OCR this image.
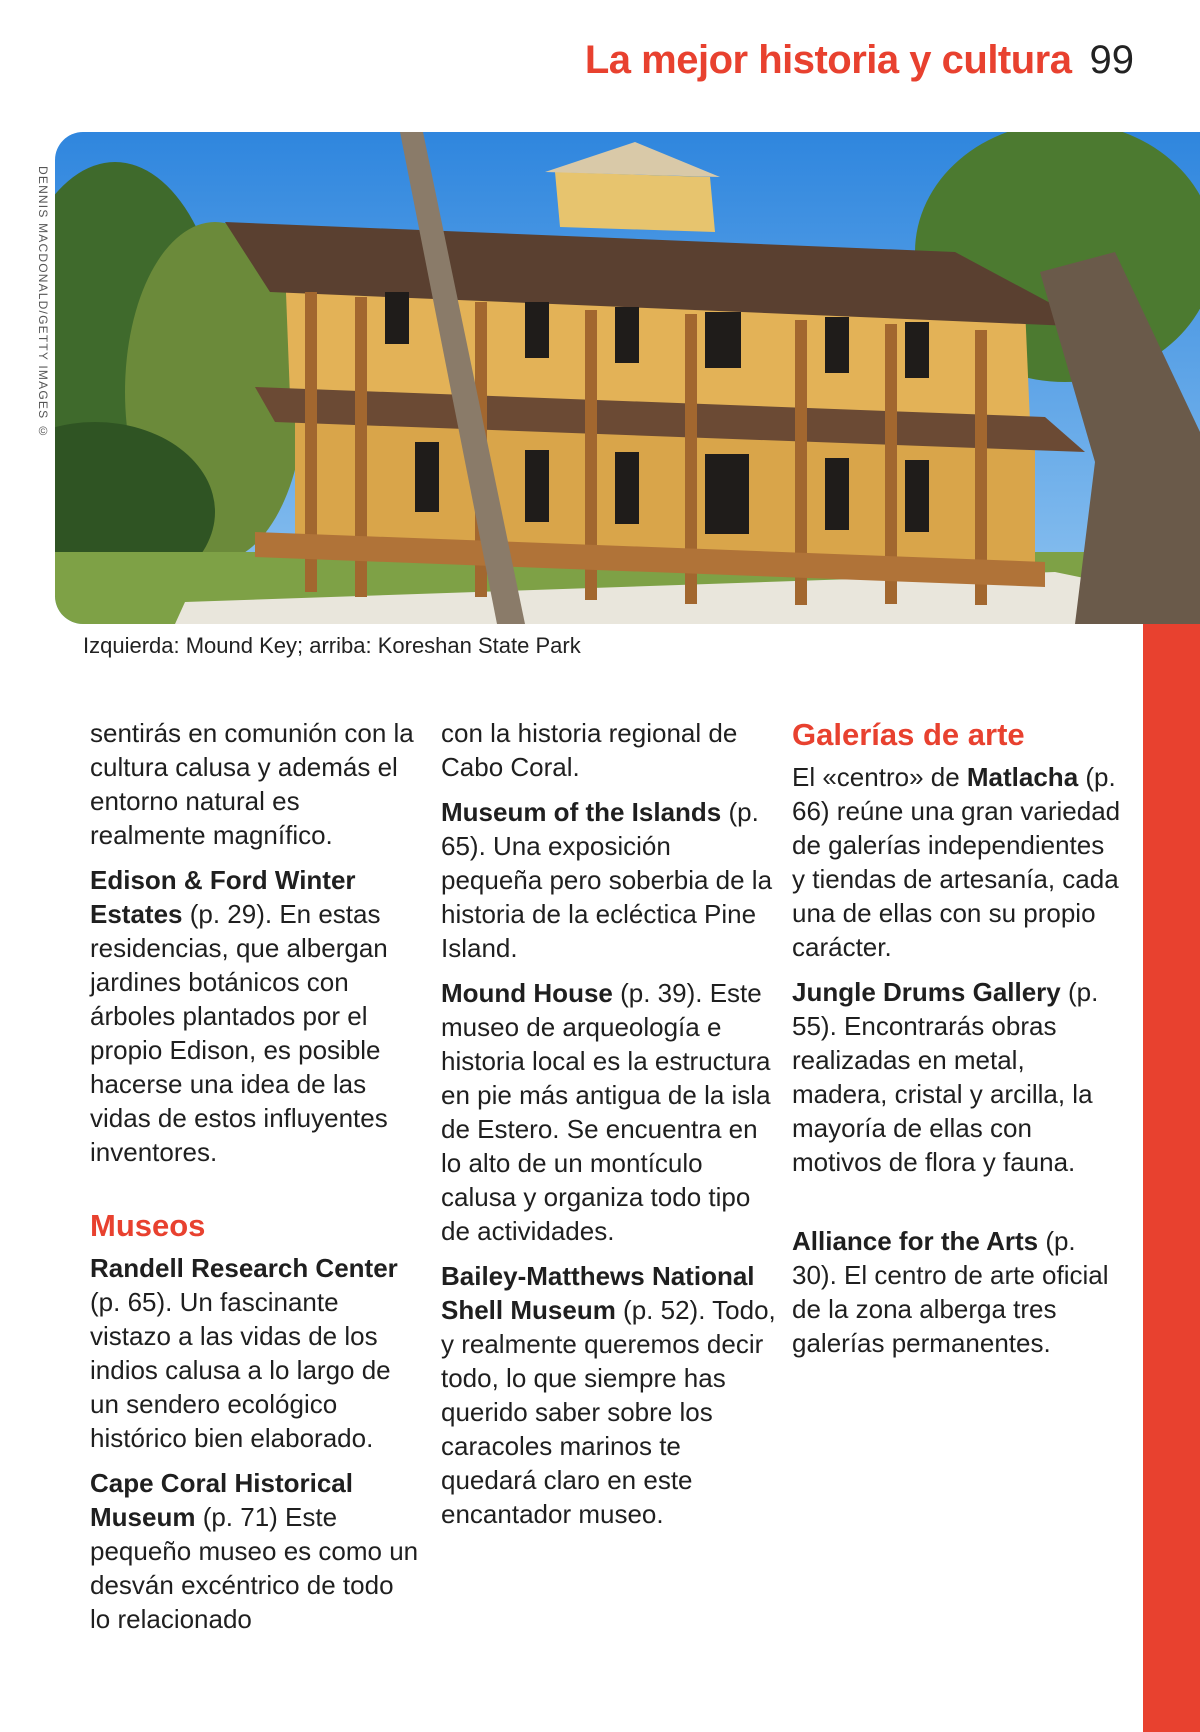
La mejor historia y cultura 99
DENNIS MACDONALD/GETTY IMAGES ©
Izquierda: Mound Key; arriba: Koreshan State Park

sentirás en comunión con la cultura calusa y además el entorno natural es realmente magnífico.

Edison & Ford Winter Estates (p. 29). En estas residencias, que albergan jardines botánicos con árboles plantados por el propio Edison, es posible hacerse una idea de las vidas de estos influyentes inventores.

Museos

Randell Research Center (p. 65). Un fascinante vistazo a las vidas de los indios calusa a lo largo de un sendero ecológico histórico bien elaborado.

Cape Coral Historical Museum (p. 71) Este pequeño museo es como un desván excéntrico de todo lo relacionado

con la historia regional de Cabo Coral.

Museum of the Islands (p. 65). Una exposición pequeña pero soberbia de la historia de la ecléctica Pine Island.

Mound House (p. 39). Este museo de arqueología e historia local es la estructura en pie más antigua de la isla de Estero. Se encuentra en lo alto de un montículo calusa y organiza todo tipo de actividades.

Bailey-Matthews National Shell Museum (p. 52). Todo, y realmente queremos decir todo, lo que siempre has querido saber sobre los caracoles marinos te quedará claro en este encantador museo.

Galerías de arte

El «centro» de Matlacha (p. 66) reúne una gran variedad de galerías independientes y tiendas de artesanía, cada una de ellas con su propio carácter.

Jungle Drums Gallery (p. 55). Encontrarás obras realizadas en metal, madera, cristal y arcilla, la mayoría de ellas con motivos de flora y fauna.

Alliance for the Arts (p. 30). El centro de arte oficial de la zona alberga tres galerías permanentes.
